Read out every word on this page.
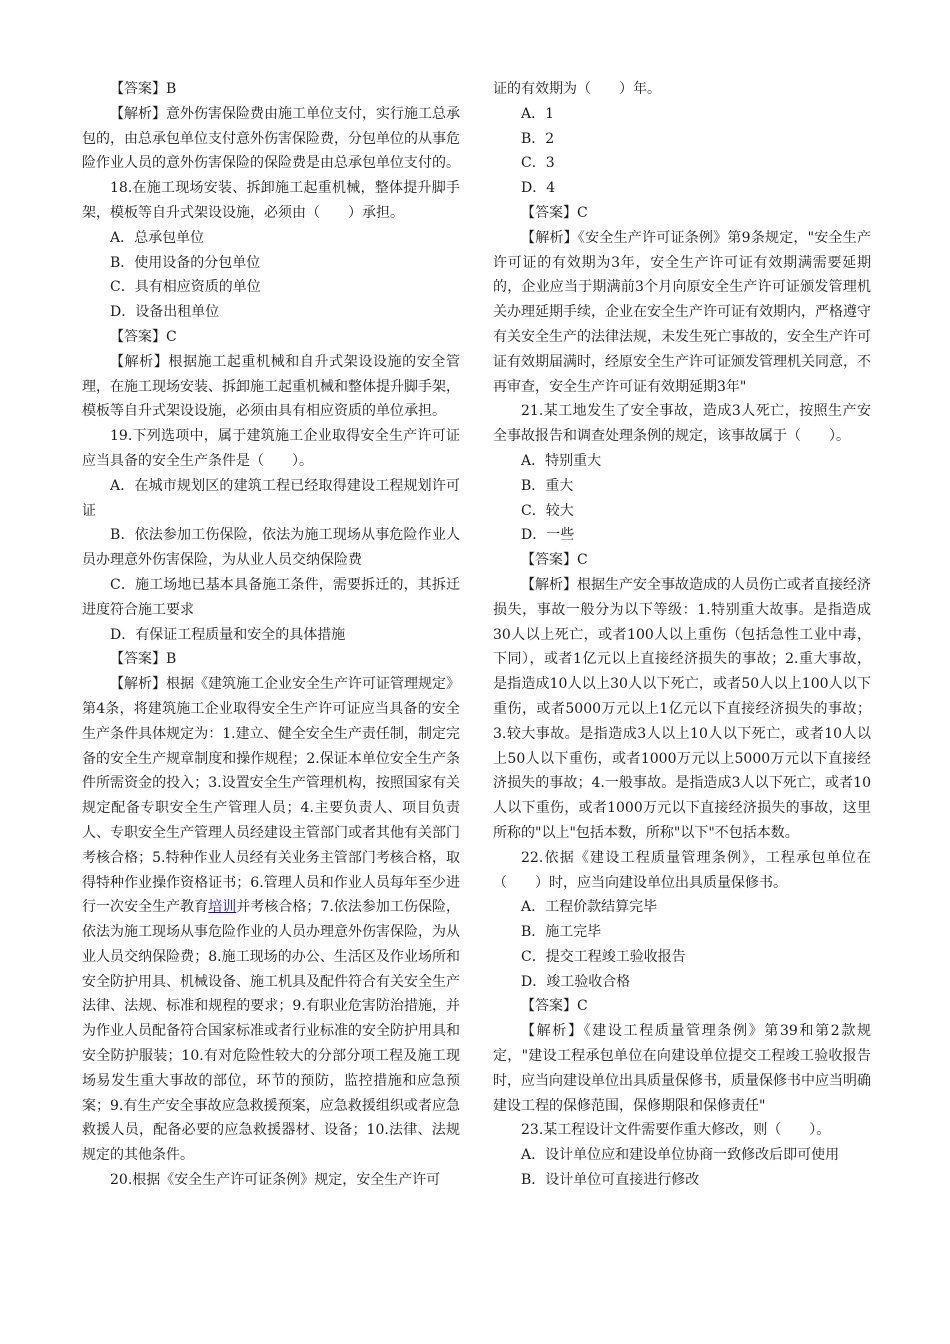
【答案】B

【解析】意外伤害保险费由施工单位支付，实行施工总承包的，由总承包单位支付意外伤害保险费，分包单位的从事危险作业人员的意外伤害保险的保险费是由总承包单位支付的。

18.在施工现场安装、拆卸施工起重机械，整体提升脚手架，模板等自升式架设设施，必须由（　　）承担。

A．总承包单位

B．使用设备的分包单位

C．具有相应资质的单位

D．设备出租单位

【答案】C

【解析】根据施工起重机械和自升式架设设施的安全管理，在施工现场安装、拆卸施工起重机械和整体提升脚手架，模板等自升式架设设施，必须由具有相应资质的单位承担。

19.下列选项中，属于建筑施工企业取得安全生产许可证应当具备的安全生产条件是（　　）。

A．在城市规划区的建筑工程已经取得建设工程规划许可证

B．依法参加工伤保险，依法为施工现场从事危险作业人员办理意外伤害保险，为从业人员交纳保险费

C．施工场地已基本具备施工条件，需要拆迁的，其拆迁进度符合施工要求

D．有保证工程质量和安全的具体措施

【答案】B

【解析】根据《建筑施工企业安全生产许可证管理规定》第4条，将建筑施工企业取得安全生产许可证应当具备的安全生产条件具体规定为：1.建立、健全安全生产责任制，制定完备的安全生产规章制度和操作规程；2.保证本单位安全生产条件所需资金的投入；3.设置安全生产管理机构，按照国家有关规定配备专职安全生产管理人员；4.主要负责人、项目负责人、专职安全生产管理人员经建设主管部门或者其他有关部门考核合格；5.特种作业人员经有关业务主管部门考核合格，取得特种作业操作资格证书；6.管理人员和作业人员每年至少进行一次安全生产教育培训并考核合格；7.依法参加工伤保险，依法为施工现场从事危险作业的人员办理意外伤害保险，为从业人员交纳保险费；8.施工现场的办公、生活区及作业场所和安全防护用具、机械设备、施工机具及配件符合有关安全生产法律、法规、标准和规程的要求；9.有职业危害防治措施，并为作业人员配备符合国家标准或者行业标准的安全防护用具和安全防护服装；10.有对危险性较大的分部分项工程及施工现场易发生重大事故的部位，环节的预防，监控措施和应急预案；9.有生产安全事故应急救援预案，应急救援组织或者应急救援人员，配备必要的应急救援器材、设备；10.法律、法规规定的其他条件。

20.根据《安全生产许可证条例》规定，安全生产许可

证的有效期为（　　）年。

A．1

B．2

C．3

D．4

【答案】C

【解析】《安全生产许可证条例》第9条规定，"安全生产许可证的有效期为3年，安全生产许可证有效期满需要延期的，企业应当于期满前3个月向原安全生产许可证颁发管理机关办理延期手续，企业在安全生产许可证有效期内，严格遵守有关安全生产的法律法规，未发生死亡事故的，安全生产许可证有效期届满时，经原安全生产许可证颁发管理机关同意，不再审查，安全生产许可证有效期延期3年"

21.某工地发生了安全事故，造成3人死亡，按照生产安全事故报告和调查处理条例的规定，该事故属于（　　）。

A．特别重大

B．重大

C．较大

D．一些

【答案】C

【解析】根据生产安全事故造成的人员伤亡或者直接经济损失，事故一般分为以下等级：1.特别重大故事。是指造成30人以上死亡，或者100人以上重伤（包括急性工业中毒，下同），或者1亿元以上直接经济损失的事故；2.重大事故，是指造成10人以上30人以下死亡，或者50人以上100人以下重伤，或者5000万元以上1亿元以下直接经济损失的事故；3.较大事故。是指造成3人以上10人以下死亡，或者10人以上50人以下重伤，或者1000万元以上5000万元以下直接经济损失的事故；4.一般事故。是指造成3人以下死亡，或者10人以下重伤，或者1000万元以下直接经济损失的事故，这里所称的"以上"包括本数，所称"以下"不包括本数。

22.依据《建设工程质量管理条例》，工程承包单位在（　　）时，应当向建设单位出具质量保修书。

A．工程价款结算完毕

B．施工完毕

C．提交工程竣工验收报告

D．竣工验收合格

【答案】C

【解析】《建设工程质量管理条例》第39和第2款规定，"建设工程承包单位在向建设单位提交工程竣工验收报告时，应当向建设单位出具质量保修书，质量保修书中应当明确建设工程的保修范围，保修期限和保修责任"

23.某工程设计文件需要作重大修改，则（　　）。

A．设计单位应和建设单位协商一致修改后即可使用

B．设计单位可直接进行修改
